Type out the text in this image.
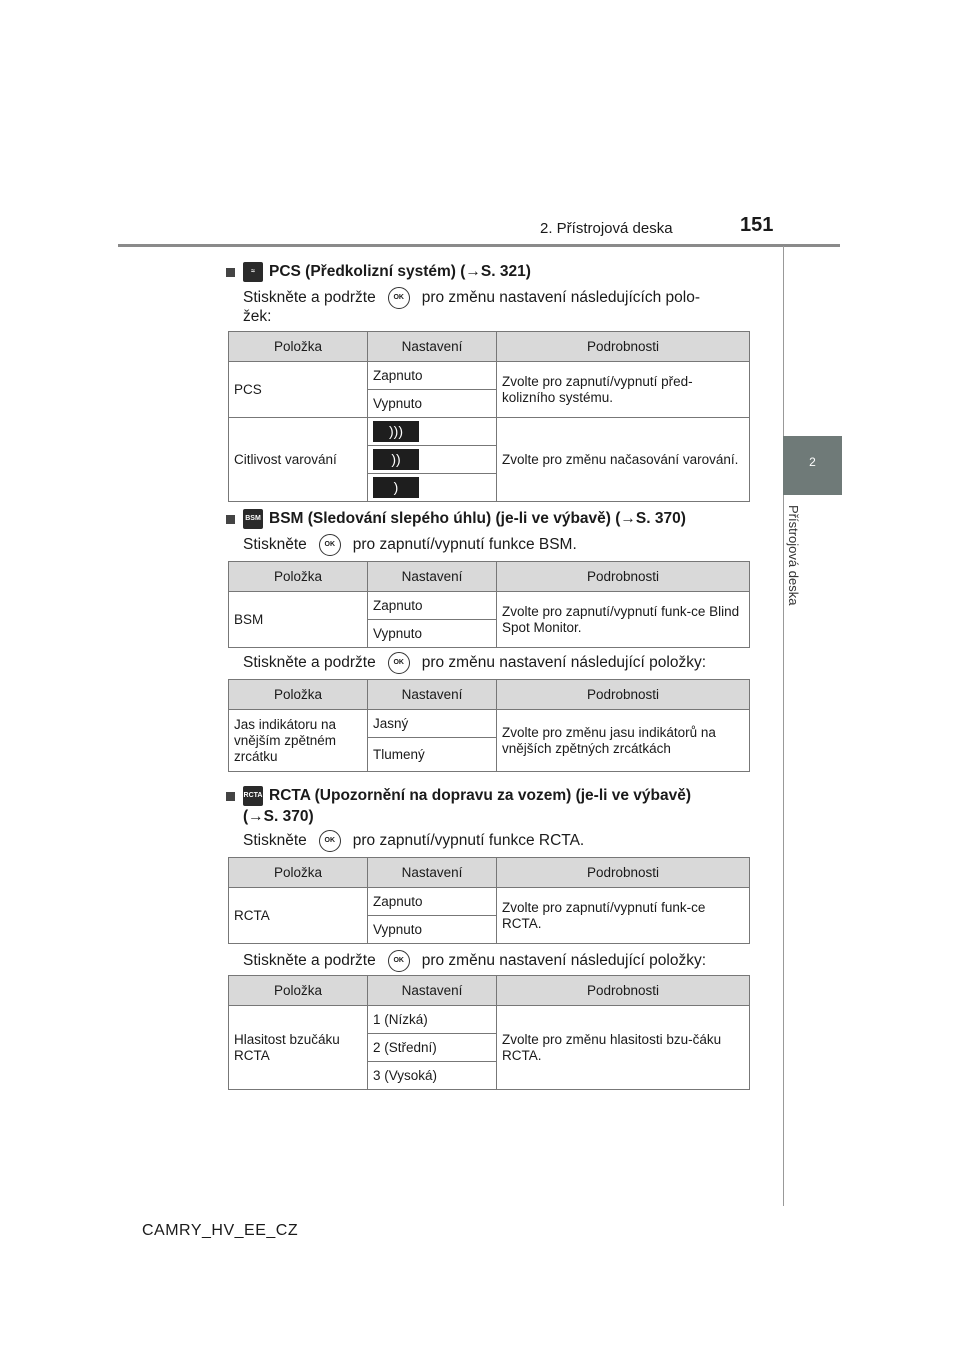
2. Přístrojová deska	151
2
Přístrojová deska
≈ PCS (Předkolizní systém) (→S. 321)
Stiskněte a podržte	OK pro změnu nastavení následujících polo-
žek:
Položka	Nastavení	Podrobnosti
PCS	Zapnuto	Zvolte pro zapnutí/vypnutí před-kolizního systému.
	Vypnuto	
Citlivost varování	)))	Zvolte pro změnu načasování varování.
	))	
	)	
BSM BSM (Sledování slepého úhlu) (je-li ve výbavě) (→S. 370)
Stiskněte	OK pro zapnutí/vypnutí funkce BSM.
Položka	Nastavení	Podrobnosti
BSM	Zapnuto	Zvolte pro zapnutí/vypnutí funk-ce Blind Spot Monitor.
	Vypnuto	
Stiskněte a podržte	OK pro změnu nastavení následující položky:
Položka	Nastavení	Podrobnosti
Jas indikátoru na vnějším zpětném zrcátku	Jasný	Zvolte pro změnu jasu indikátorů na vnějších zpětných zrcátkách
	Tlumený	
RCTA RCTA (Upozornění na dopravu za vozem) (je-li ve výbavě)
(→S. 370)
Stiskněte	OK pro zapnutí/vypnutí funkce RCTA.
Položka	Nastavení	Podrobnosti
RCTA	Zapnuto	Zvolte pro zapnutí/vypnutí funk-ce RCTA.
	Vypnuto	
Stiskněte a podržte	OK pro změnu nastavení následující položky:
Položka	Nastavení	Podrobnosti
Hlasitost bzučáku RCTA	1 (Nízká)	Zvolte pro změnu hlasitosti bzu-čáku RCTA.
	2 (Střední)	
	3 (Vysoká)	
CAMRY_HV_EE_CZ
